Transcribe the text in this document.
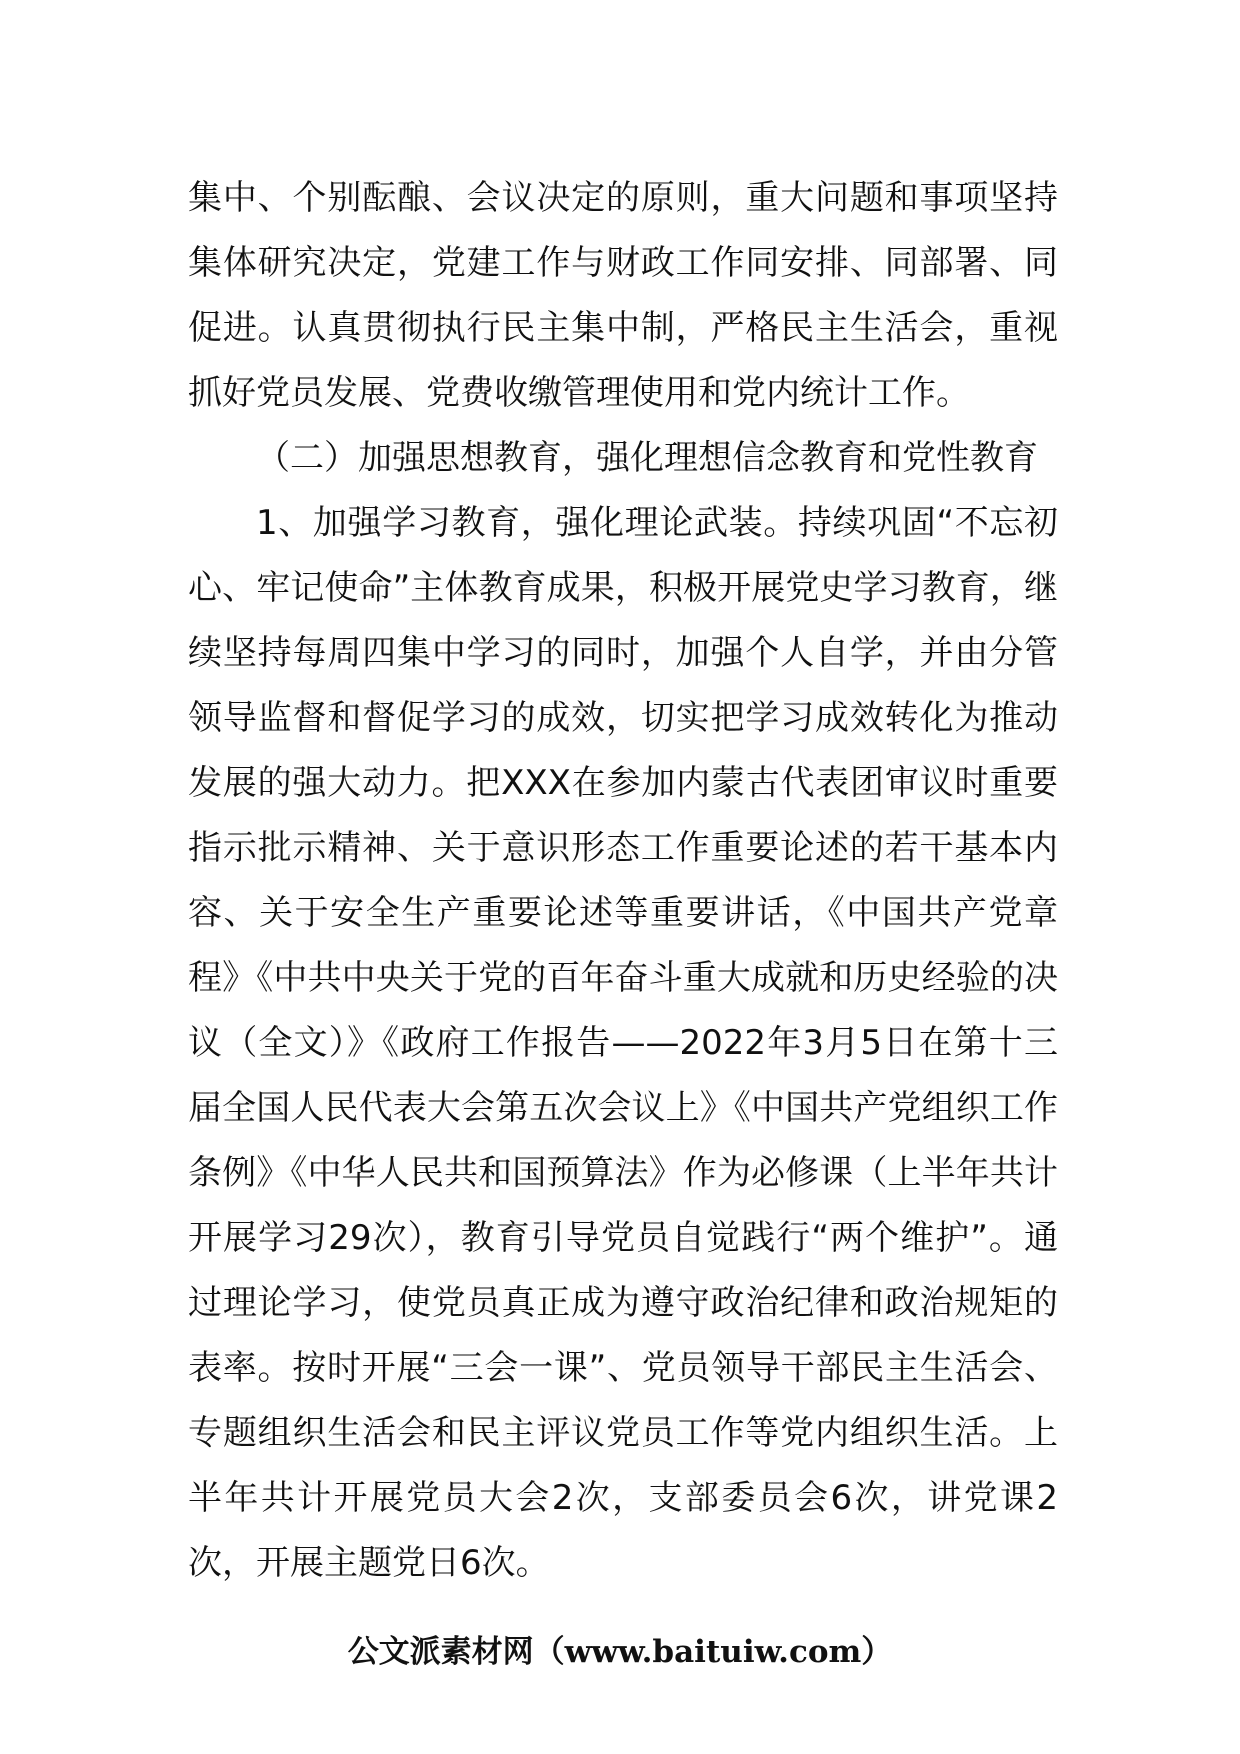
集中、个别酝酿、会议决定的原则，重大问题和事项坚持集体研究决定，党建工作与财政工作同安排、同部署、同促进。认真贯彻执行民主集中制，严格民主生活会，重视抓好党员发展、党费收缴管理使用和党内统计工作。

（二）加强思想教育，强化理想信念教育和党性教育

1、加强学习教育，强化理论武装。持续巩固“不忘初心、牢记使命”主体教育成果，积极开展党史学习教育，继续坚持每周四集中学习的同时，加强个人自学，并由分管领导监督和督促学习的成效，切实把学习成效转化为推动发展的强大动力。把XXX在参加内蒙古代表团审议时重要指示批示精神、关于意识形态工作重要论述的若干基本内容、关于安全生产重要论述等重要讲话，《中国共产党章程》《中共中央关于党的百年奋斗重大成就和历史经验的决议（全文）》《政府工作报告——2022年3月5日在第十三届全国人民代表大会第五次会议上》《中国共产党组织工作条例》《中华人民共和国预算法》作为必修课（上半年共计开展学习29次），教育引导党员自觉践行“两个维护”。通过理论学习，使党员真正成为遵守政治纪律和政治规矩的表率。按时开展“三会一课”、党员领导干部民主生活会、专题组织生活会和民主评议党员工作等党内组织生活。上半年共计开展党员大会2次，支部委员会6次，讲党课2次，开展主题党日6次。

公文派素材网（www.baituiw.com）
